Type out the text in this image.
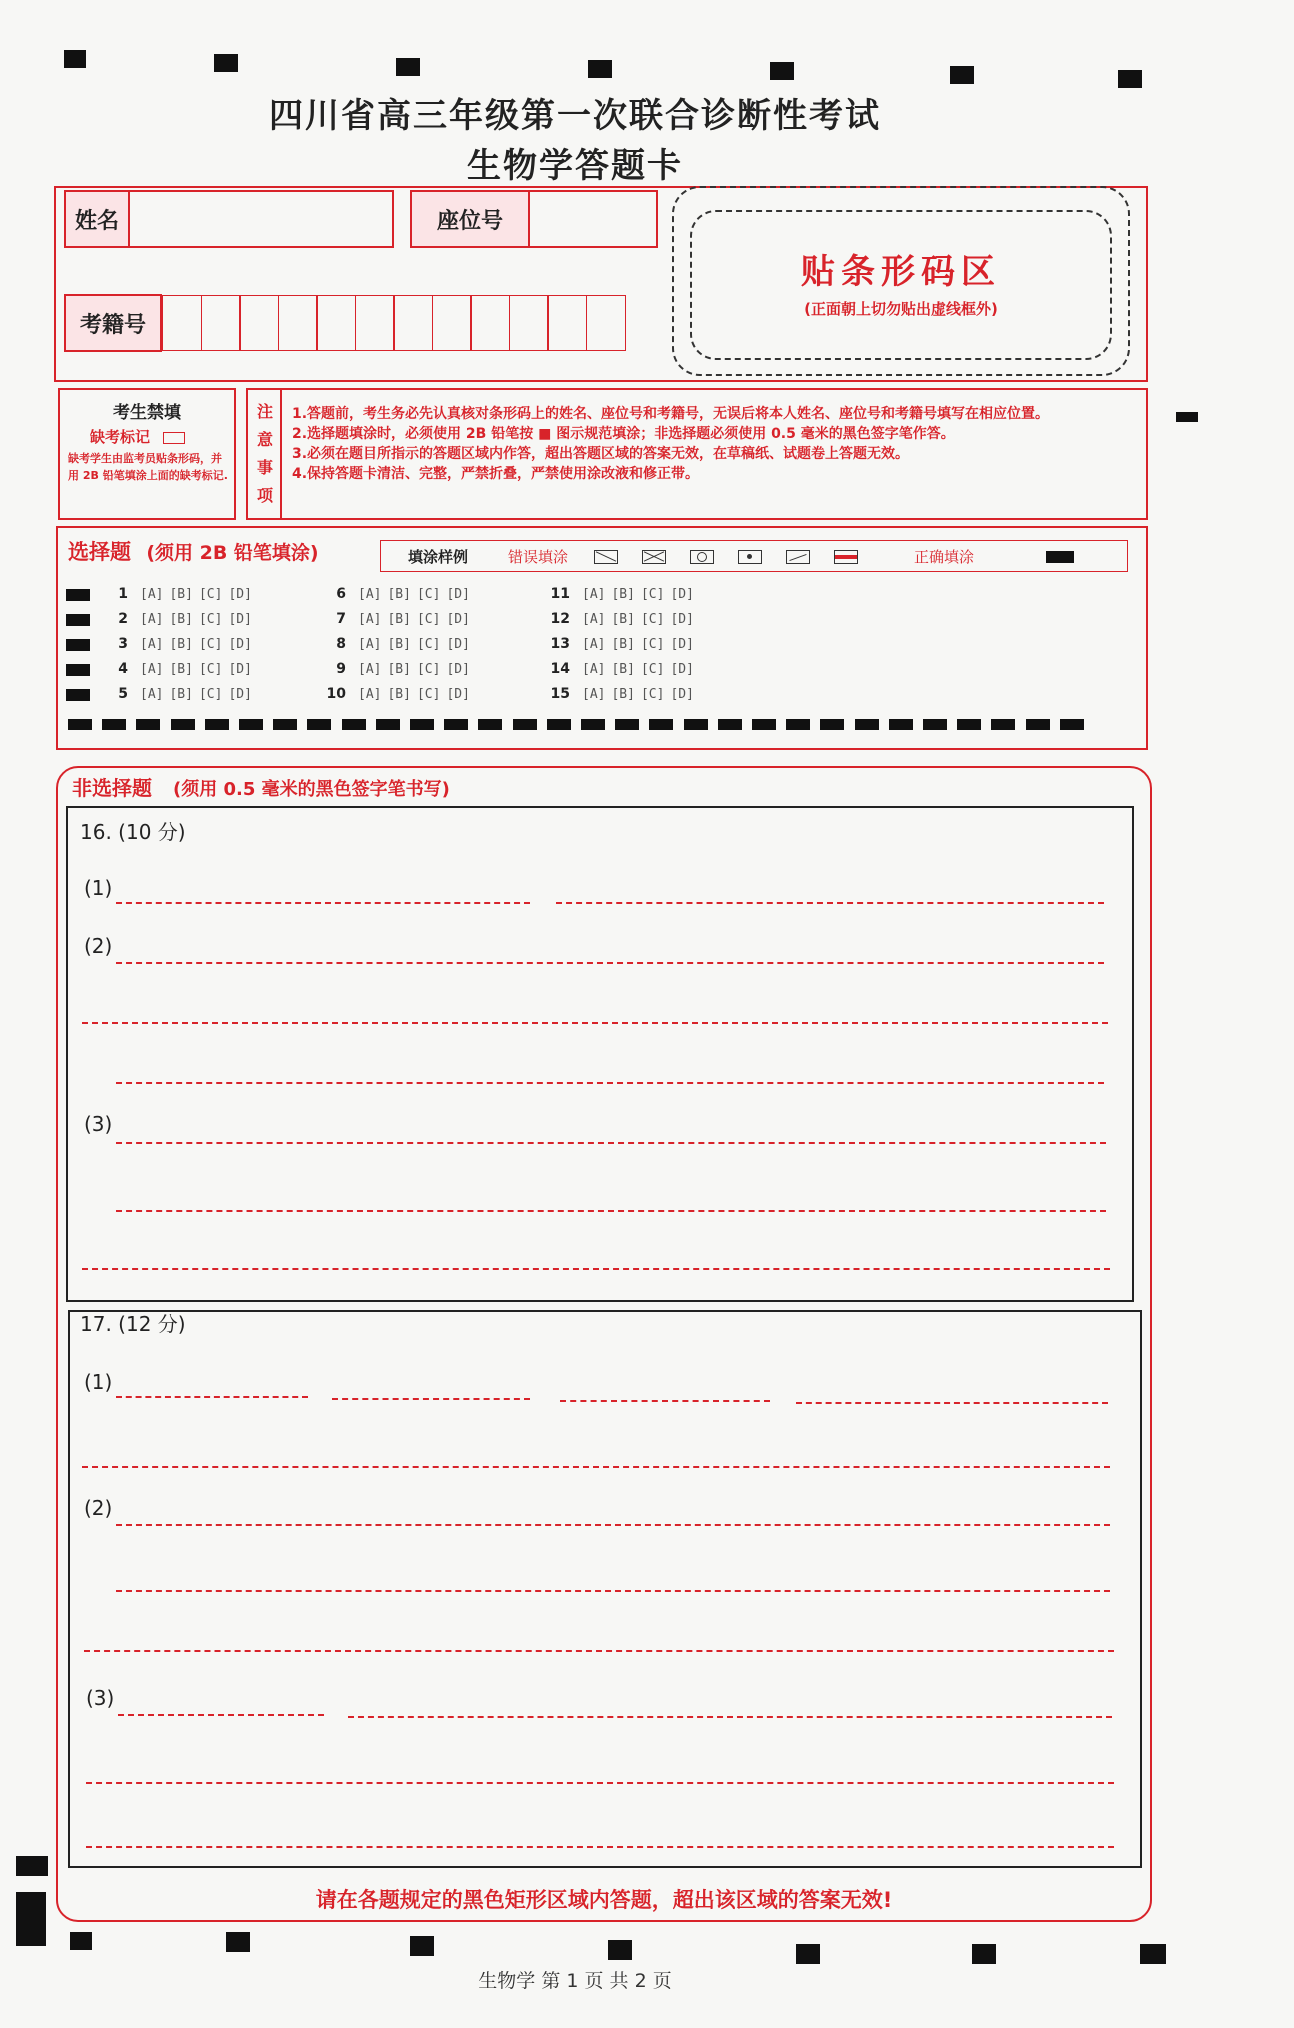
四川省高三年级第一次联合诊断性考试
生物学答题卡
姓名	座位号
考籍号
贴条形码区
(正面朝上切勿贴出虚线框外)
考生禁填
缺考标记
缺考学生由监考员贴条形码，并用 2B 铅笔填涂上面的缺考标记.
注意事项
1.答题前，考生务必先认真核对条形码上的姓名、座位号和考籍号，无误后将本人姓名、座位号和考籍号填写在相应位置。
2.选择题填涂时，必须使用 2B 铅笔按 ■ 图示规范填涂；非选择题必须使用 0.5 毫米的黑色签字笔作答。
3.必须在题目所指示的答题区域内作答，超出答题区域的答案无效，在草稿纸、试题卷上答题无效。
4.保持答题卡清洁、完整，严禁折叠，严禁使用涂改液和修正带。
选择题 (须用 2B 铅笔填涂)	填涂样例	错误填涂	正确填涂
1 [A] [B] [C] [D]
2 [A] [B] [C] [D]
3 [A] [B] [C] [D]
4 [A] [B] [C] [D]
5 [A] [B] [C] [D]
6 [A] [B] [C] [D]
7 [A] [B] [C] [D]
8 [A] [B] [C] [D]
9 [A] [B] [C] [D]
10 [A] [B] [C] [D]
11 [A] [B] [C] [D]
12 [A] [B] [C] [D]
13 [A] [B] [C] [D]
14 [A] [B] [C] [D]
15 [A] [B] [C] [D]
非选择题 (须用 0.5 毫米的黑色签字笔书写)
16. (10 分)
(1)
(2)
(3)
17. (12 分)
(1)
(2)
(3)
请在各题规定的黑色矩形区域内答题，超出该区域的答案无效!
生物学 第 1 页 共 2 页
